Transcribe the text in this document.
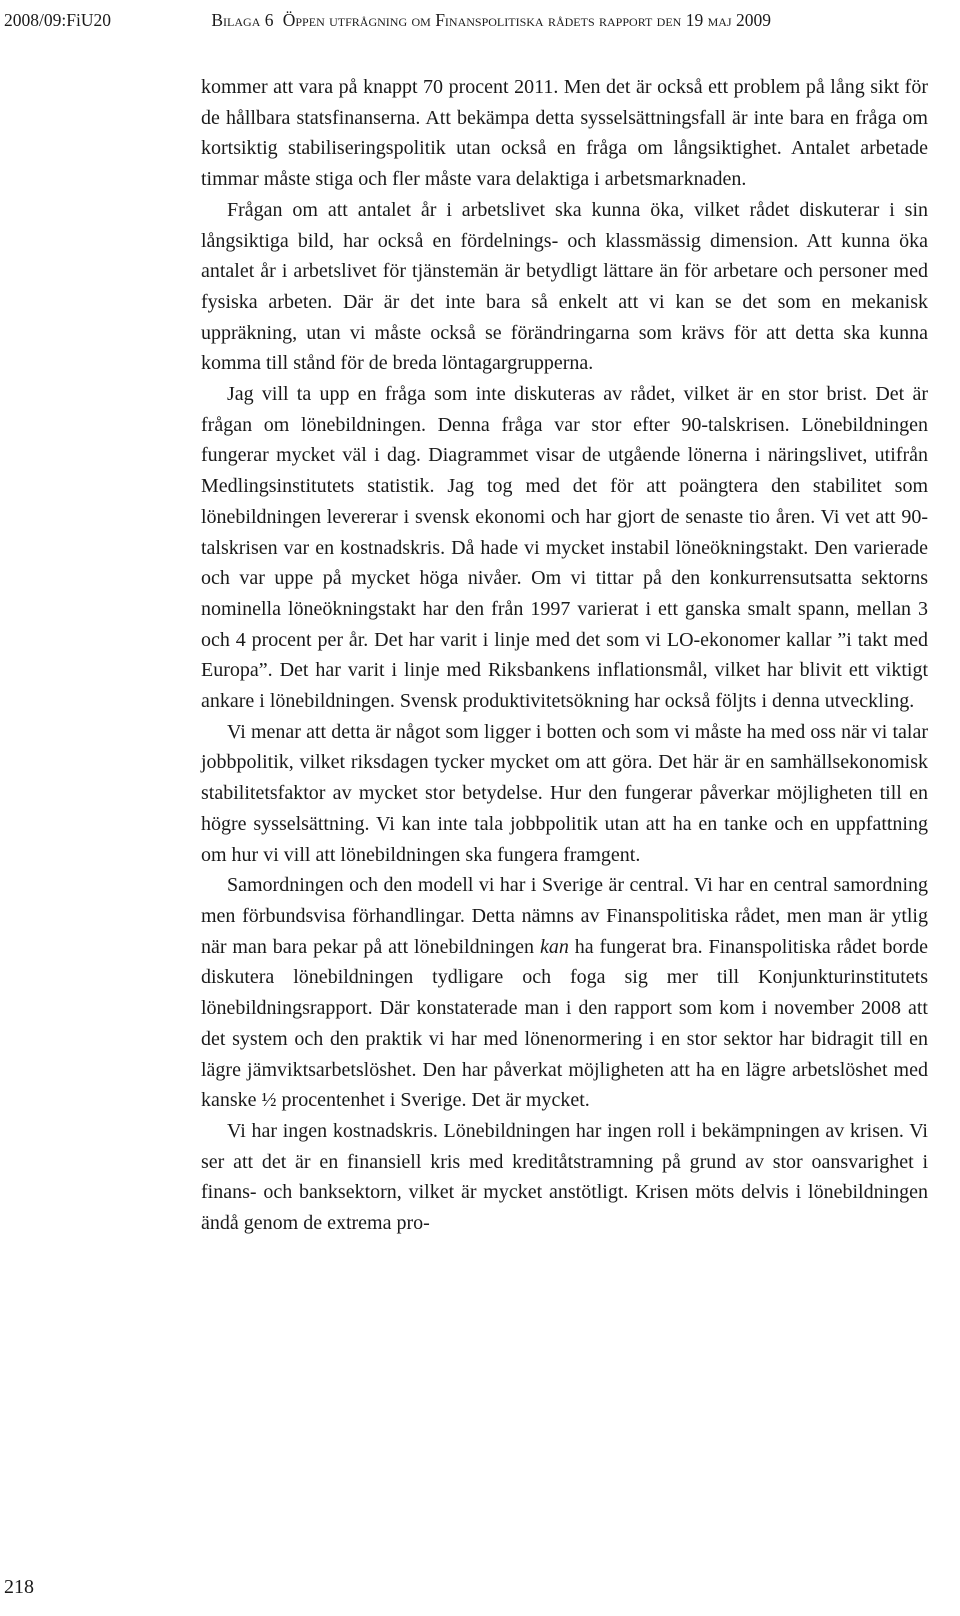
2008/09:FiU20	Bilaga 6 Öppen utfrågning om Finanspolitiska rådets rapport den 19 maj 2009

kommer att vara på knappt 70 procent 2011. Men det är också ett problem på lång sikt för de hållbara statsfinanserna. Att bekämpa detta sysselsättningsfall är inte bara en fråga om kortsiktig stabiliseringspolitik utan också en fråga om långsiktighet. Antalet arbetade timmar måste stiga och fler måste vara delaktiga i arbetsmarknaden.

Frågan om att antalet år i arbetslivet ska kunna öka, vilket rådet diskuterar i sin långsiktiga bild, har också en fördelnings- och klassmässig dimension. Att kunna öka antalet år i arbetslivet för tjänstemän är betydligt lättare än för arbetare och personer med fysiska arbeten. Där är det inte bara så enkelt att vi kan se det som en mekanisk uppräkning, utan vi måste också se förändringarna som krävs för att detta ska kunna komma till stånd för de breda löntagargrupperna.

Jag vill ta upp en fråga som inte diskuteras av rådet, vilket är en stor brist. Det är frågan om lönebildningen. Denna fråga var stor efter 90-talskrisen. Lönebildningen fungerar mycket väl i dag. Diagrammet visar de utgående lönerna i näringslivet, utifrån Medlingsinstitutets statistik. Jag tog med det för att poängtera den stabilitet som lönebildningen levererar i svensk ekonomi och har gjort de senaste tio åren. Vi vet att 90-talskrisen var en kostnadskris. Då hade vi mycket instabil löneökningstakt. Den varierade och var uppe på mycket höga nivåer. Om vi tittar på den konkurrensutsatta sektorns nominella löneökningstakt har den från 1997 varierat i ett ganska smalt spann, mellan 3 och 4 procent per år. Det har varit i linje med det som vi LO-ekonomer kallar ”i takt med Europa”. Det har varit i linje med Riksbankens inflationsmål, vilket har blivit ett viktigt ankare i lönebildningen. Svensk produktivitetsökning har också följts i denna utveckling.

Vi menar att detta är något som ligger i botten och som vi måste ha med oss när vi talar jobbpolitik, vilket riksdagen tycker mycket om att göra. Det här är en samhällsekonomisk stabilitetsfaktor av mycket stor betydelse. Hur den fungerar påverkar möjligheten till en högre sysselsättning. Vi kan inte tala jobbpolitik utan att ha en tanke och en uppfattning om hur vi vill att lönebildningen ska fungera framgent.

Samordningen och den modell vi har i Sverige är central. Vi har en central samordning men förbundsvisa förhandlingar. Detta nämns av Finanspolitiska rådet, men man är ytlig när man bara pekar på att lönebildningen kan ha fungerat bra. Finanspolitiska rådet borde diskutera lönebildningen tydligare och foga sig mer till Konjunkturinstitutets lönebildningsrapport. Där konstaterade man i den rapport som kom i november 2008 att det system och den praktik vi har med lönenormering i en stor sektor har bidragit till en lägre jämviktsarbetslöshet. Den har påverkat möjligheten att ha en lägre arbetslöshet med kanske ½ procentenhet i Sverige. Det är mycket.

Vi har ingen kostnadskris. Lönebildningen har ingen roll i bekämpningen av krisen. Vi ser att det är en finansiell kris med kreditåtstramning på grund av stor oansvarighet i finans- och banksektorn, vilket är mycket anstötligt. Krisen möts delvis i lönebildningen ändå genom de extrema pro-

218
